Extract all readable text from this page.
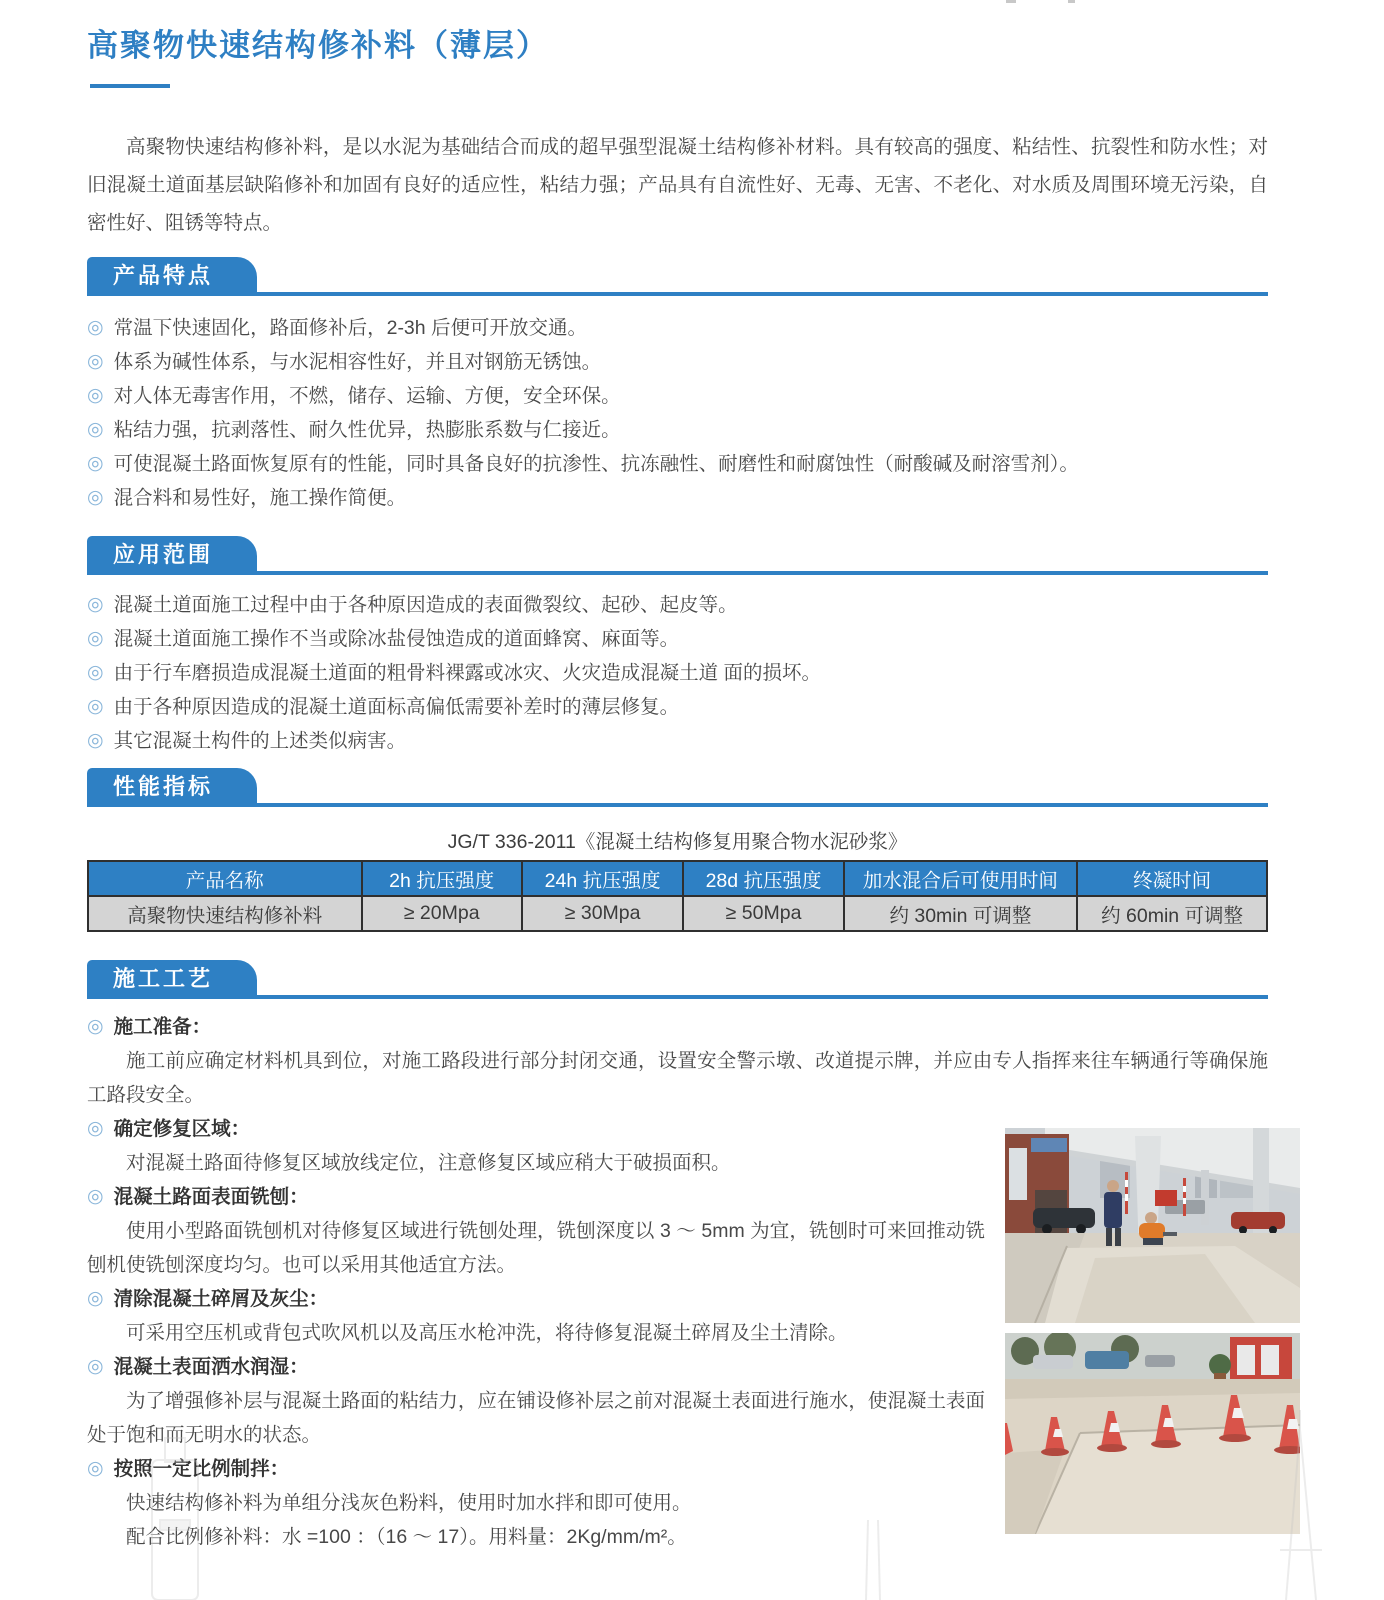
高聚物快速结构修补料（薄层）
高聚物快速结构修补料，是以水泥为基础结合而成的超早强型混凝土结构修补材料。具有较高的强度、粘结性、抗裂性和防水性；对旧混凝土道面基层缺陷修补和加固有良好的适应性，粘结力强；产品具有自流性好、无毒、无害、不老化、对水质及周围环境无污染，自密性好、阻锈等特点。
产品特点
◎ 常温下快速固化，路面修补后，2-3h 后便可开放交通。
◎ 体系为碱性体系，与水泥相容性好，并且对钢筋无锈蚀。
◎ 对人体无毒害作用，不燃，储存、运输、方便，安全环保。
◎ 粘结力强，抗剥落性、耐久性优异，热膨胀系数与仁接近。
◎ 可使混凝土路面恢复原有的性能，同时具备良好的抗渗性、抗冻融性、耐磨性和耐腐蚀性（耐酸碱及耐溶雪剂）。
◎ 混合料和易性好，施工操作简便。
应用范围
◎ 混凝土道面施工过程中由于各种原因造成的表面微裂纹、起砂、起皮等。
◎ 混凝土道面施工操作不当或除冰盐侵蚀造成的道面蜂窝、麻面等。
◎ 由于行车磨损造成混凝土道面的粗骨料裸露或冰灾、火灾造成混凝土道 面的损坏。
◎ 由于各种原因造成的混凝土道面标高偏低需要补差时的薄层修复。
◎ 其它混凝土构件的上述类似病害。
性能指标
JG/T 336-2011《混凝土结构修复用聚合物水泥砂浆》
产品名称	2h 抗压强度	24h 抗压强度	28d 抗压强度	加水混合后可使用时间	终凝时间
高聚物快速结构修补料	≥ 20Mpa	≥ 30Mpa	≥ 50Mpa	约 30min 可调整	约 60min 可调整
施工工艺
◎ 施工准备：

施工前应确定材料机具到位，对施工路段进行部分封闭交通，设置安全警示墩、改道提示牌，并应由专人指挥来往车辆通行等确保施工路段安全。

◎ 确定修复区域：

对混凝土路面待修复区域放线定位，注意修复区域应稍大于破损面积。

◎ 混凝土路面表面铣刨：

使用小型路面铣刨机对待修复区域进行铣刨处理，铣刨深度以 3 ～ 5mm 为宜，铣刨时可来回推动铣刨机使铣刨深度均匀。也可以采用其他适宜方法。

◎ 清除混凝土碎屑及灰尘：

可采用空压机或背包式吹风机以及高压水枪冲洗，将待修复混凝土碎屑及尘土清除。

◎ 混凝土表面洒水润湿：

为了增强修补层与混凝土路面的粘结力，应在铺设修补层之前对混凝土表面进行施水，使混凝土表面处于饱和而无明水的状态。

◎ 按照一定比例制拌：

快速结构修补料为单组分浅灰色粉料，使用时加水拌和即可使用。

配合比例修补料：水 =100 ：（16 ～ 17）。用料量：2Kg/mm/m²。
